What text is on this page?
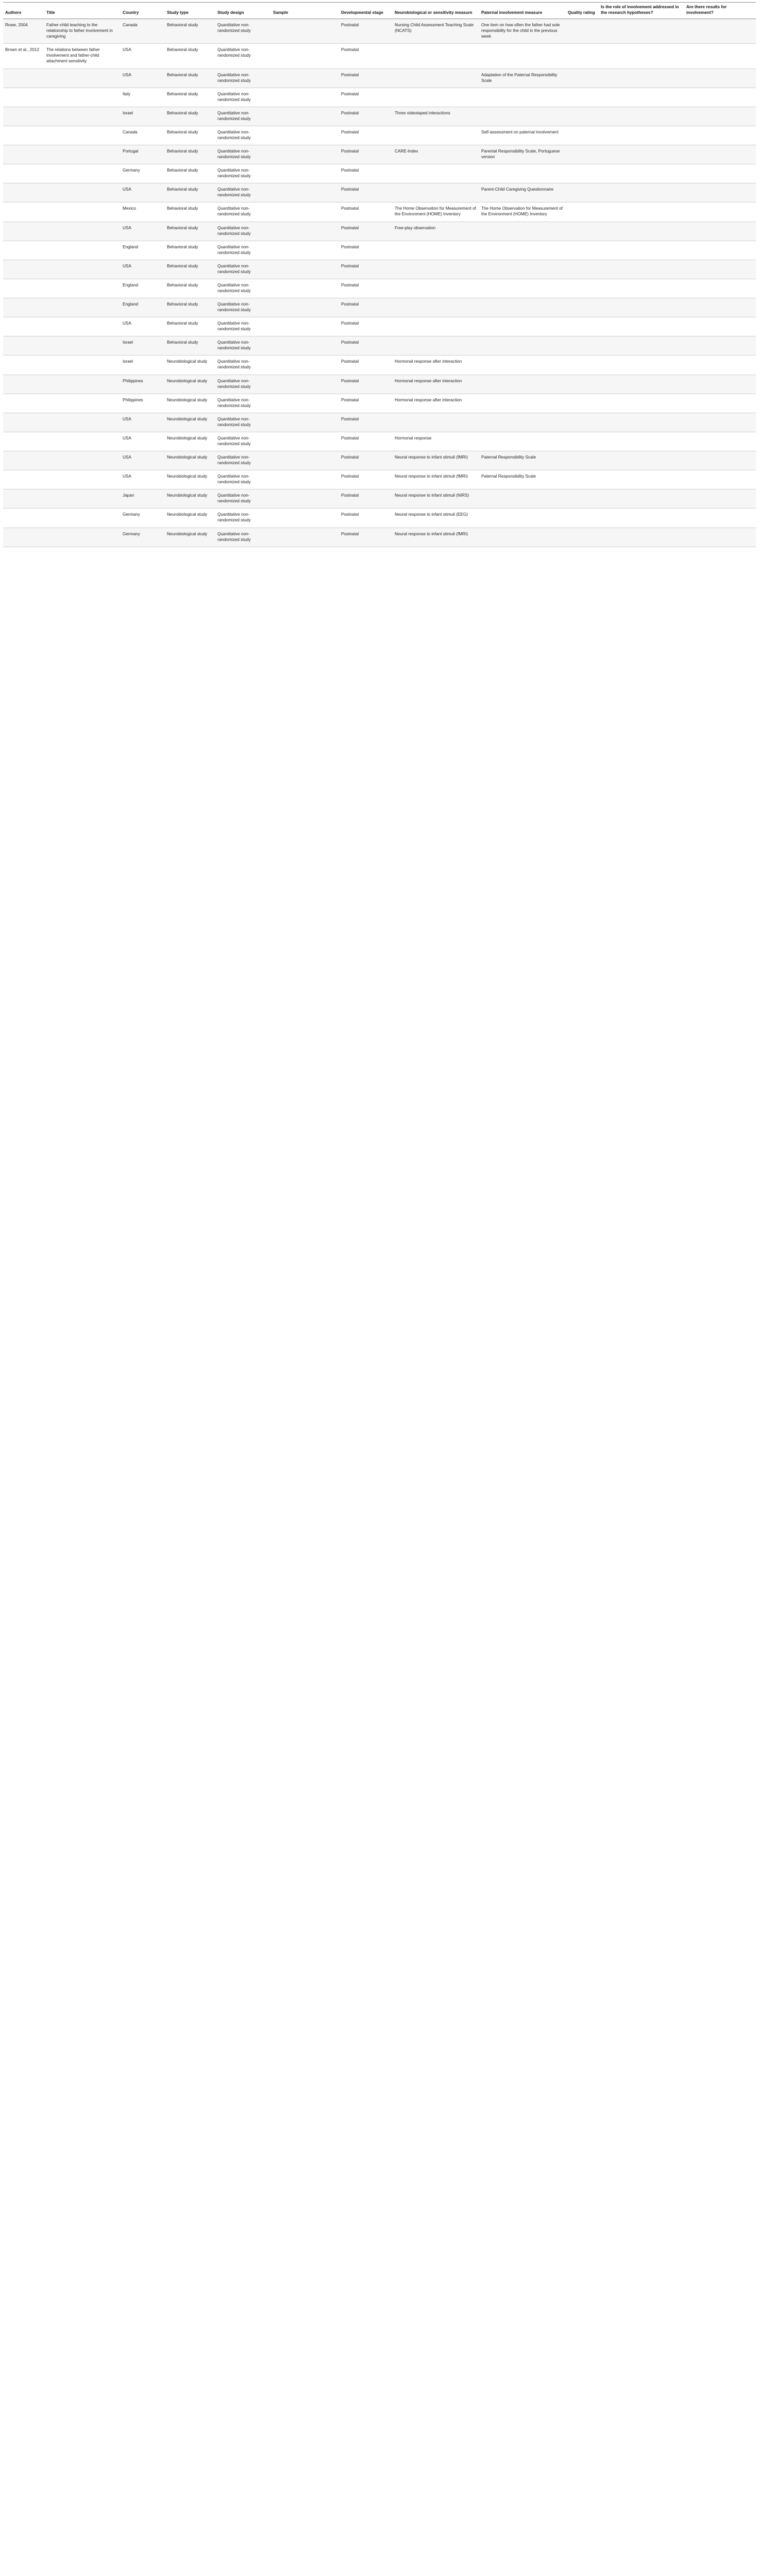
Authors	Title	Country	Study type	Study design	Sample	Developmental stage	Neurobiological or sensitivity measure	Paternal involvement measure	Quality rating	Is the role of involvement addressed in the research hypotheses?	Are there results for involvement?
Rowe, 2004	Father-child teaching to the relationship to father involvement in caregiving	Canada	Behavioral study	Quantitative non-randomized study		Postnatal	Nursing Child Assessment Teaching Scale (NCATS)	One item on how often the father had sole responsibility for the child in the previous week			
Brown et al., 2012	The relations between father involvement and father-child attachment sensitivity	USA	Behavioral study	Quantitative non-randomized study		Postnatal					
		USA	Behavioral study	Quantitative non-randomized study		Postnatal		Adaptation of the Paternal Responsibility Scale			
		Italy	Behavioral study	Quantitative non-randomized study		Postnatal					
		Israel	Behavioral study	Quantitative non-randomized study		Postnatal	Three videotaped interactions				
		Canada	Behavioral study	Quantitative non-randomized study		Postnatal		Self-assessment on paternal involvement			
		Portugal	Behavioral study	Quantitative non-randomized study		Postnatal	CARE-Index	Parental Responsibility Scale, Portuguese version			
		Germany	Behavioral study	Quantitative non-randomized study		Postnatal					
		USA	Behavioral study	Quantitative non-randomized study		Postnatal		Parent-Child Caregiving Questionnaire			
		Mexico	Behavioral study	Quantitative non-randomized study		Postnatal	The Home Observation for Measurement of the Environment (HOME) Inventory	The Home Observation for Measurement of the Environment (HOME) Inventory			
		USA	Behavioral study	Quantitative non-randomized study		Postnatal	Free-play observation				
		England	Behavioral study	Quantitative non-randomized study		Postnatal					
		USA	Behavioral study	Quantitative non-randomized study		Postnatal					
		England	Behavioral study	Quantitative non-randomized study		Postnatal					
		England	Behavioral study	Quantitative non-randomized study		Postnatal					
		USA	Behavioral study	Quantitative non-randomized study		Postnatal					
		Israel	Behavioral study	Quantitative non-randomized study		Postnatal					
		Israel	Neurobiological study	Quantitative non-randomized study		Postnatal	Hormonal response after interaction				
		Philippines	Neurobiological study	Quantitative non-randomized study		Postnatal	Hormonal response after interaction				
		Philippines	Neurobiological study	Quantitative non-randomized study		Postnatal	Hormonal response after interaction				
		USA	Neurobiological study	Quantitative non-randomized study		Postnatal					
		USA	Neurobiological study	Quantitative non-randomized study		Postnatal	Hormonal response				
		USA	Neurobiological study	Quantitative non-randomized study		Postnatal	Neural response to infant stimuli (fMRI)	Paternal Responsibility Scale			
		USA	Neurobiological study	Quantitative non-randomized study		Postnatal	Neural response to infant stimuli (fMRI)	Paternal Responsibility Scale			
		Japan	Neurobiological study	Quantitative non-randomized study		Postnatal	Neural response to infant stimuli (NIRS)				
		Germany	Neurobiological study	Quantitative non-randomized study		Postnatal	Neural response to infant stimuli (EEG)				
		Germany	Neurobiological study	Quantitative non-randomized study		Postnatal	Neural response to infant stimuli (fMRI)				
